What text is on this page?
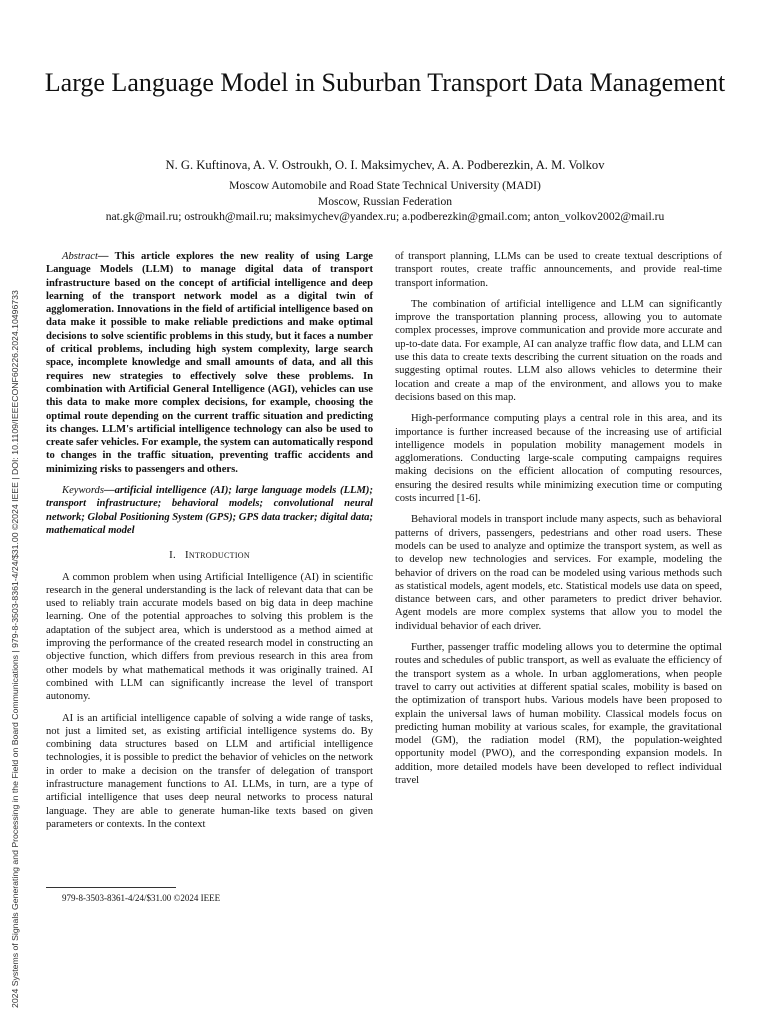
2024 Systems of Signals Generating and Processing in the Field on Board Communications | 979-8-3503-8361-4/24/$31.00 ©2024 IEEE | DOI: 10.1109/IEEECONF60226.2024.10496733
Large Language Model in Suburban Transport Data Management

N. G. Kuftinova, A. V. Ostroukh, O. I. Maksimychev, A. A. Podberezkin, A. M. Volkov

Moscow Automobile and Road State Technical University (MADI)
Moscow, Russian Federation
nat.gk@mail.ru; ostroukh@mail.ru; maksimychev@yandex.ru; a.podberezkin@gmail.com; anton_volkov2002@mail.ru

Abstract— This article explores the new reality of using Large Language Models (LLM) to manage digital data of transport infrastructure based on the concept of artificial intelligence and deep learning of the transport network model as a digital twin of agglomeration. Innovations in the field of artificial intelligence based on data make it possible to make reliable predictions and make optimal decisions to solve scientific problems in this study, but it faces a number of critical problems, including high system complexity, large search space, incomplete knowledge and small amounts of data, and all this requires new strategies to effectively solve these problems. In combination with Artificial General Intelligence (AGI), vehicles can use this data to make more complex decisions, for example, choosing the optimal route depending on the current traffic situation and predicting its changes. LLM's artificial intelligence technology can also be used to create safer vehicles. For example, the system can automatically respond to changes in the traffic situation, preventing traffic accidents and minimizing risks to passengers and others.

Keywords—artificial intelligence (AI); large language models (LLM); transport infrastructure; behavioral models; convolutional neural network; Global Positioning System (GPS); GPS data tracker; digital data; mathematical model

I. Introduction

A common problem when using Artificial Intelligence (AI) in scientific research in the general understanding is the lack of relevant data that can be used to reliably train accurate models based on big data in deep machine learning. One of the potential approaches to solving this problem is the adaptation of the subject area, which is understood as a method aimed at improving the performance of the created research model in constructing an objective function, which differs from previous research in this area from other models by what mathematical methods it was originally trained. AI combined with LLM can significantly increase the level of transport autonomy.

AI is an artificial intelligence capable of solving a wide range of tasks, not just a limited set, as existing artificial intelligence systems do. By combining data structures based on LLM and artificial intelligence technologies, it is possible to predict the behavior of vehicles on the network in order to make a decision on the transfer of delegation of transport infrastructure management functions to AI. LLMs, in turn, are a type of artificial intelligence that uses deep neural networks to process natural language. They are able to generate human-like texts based on given parameters or contexts. In the context

of transport planning, LLMs can be used to create textual descriptions of transport routes, create traffic announcements, and provide real-time transport information.

The combination of artificial intelligence and LLM can significantly improve the transportation planning process, allowing you to automate complex processes, improve communication and provide more accurate and up-to-date data. For example, AI can analyze traffic flow data, and LLM can use this data to create texts describing the current situation on the roads and suggesting optimal routes. LLM also allows vehicles to determine their location and create a map of the environment, and allows you to make decisions based on this map.

High-performance computing plays a central role in this area, and its importance is further increased because of the increasing use of artificial intelligence models in population mobility management models in agglomerations. Conducting large-scale computing campaigns requires making decisions on the efficient allocation of computing resources, ensuring the desired results while minimizing execution time or computing costs incurred [1-6].

Behavioral models in transport include many aspects, such as behavioral patterns of drivers, passengers, pedestrians and other road users. These models can be used to analyze and optimize the transport system, as well as to develop new technologies and services. For example, modeling the behavior of drivers on the road can be modeled using various methods such as statistical models, agent models, etc. Statistical models use data on speed, distance between cars, and other parameters to predict driver behavior. Agent models are more complex systems that allow you to model the individual behavior of each driver.

Further, passenger traffic modeling allows you to determine the optimal routes and schedules of public transport, as well as evaluate the efficiency of the transport system as a whole. In urban agglomerations, when people travel to carry out activities at different spatial scales, mobility is based on the optimization of transport hubs. Various models have been proposed to explain the universal laws of human mobility. Classical models focus on predicting human mobility at various scales, for example, the gravitational model (GM), the radiation model (RM), the population-weighted opportunity model (PWO), and the corresponding expansion models. In addition, more detailed models have been developed to reflect individual travel

979-8-3503-8361-4/24/$31.00 ©2024 IEEE
